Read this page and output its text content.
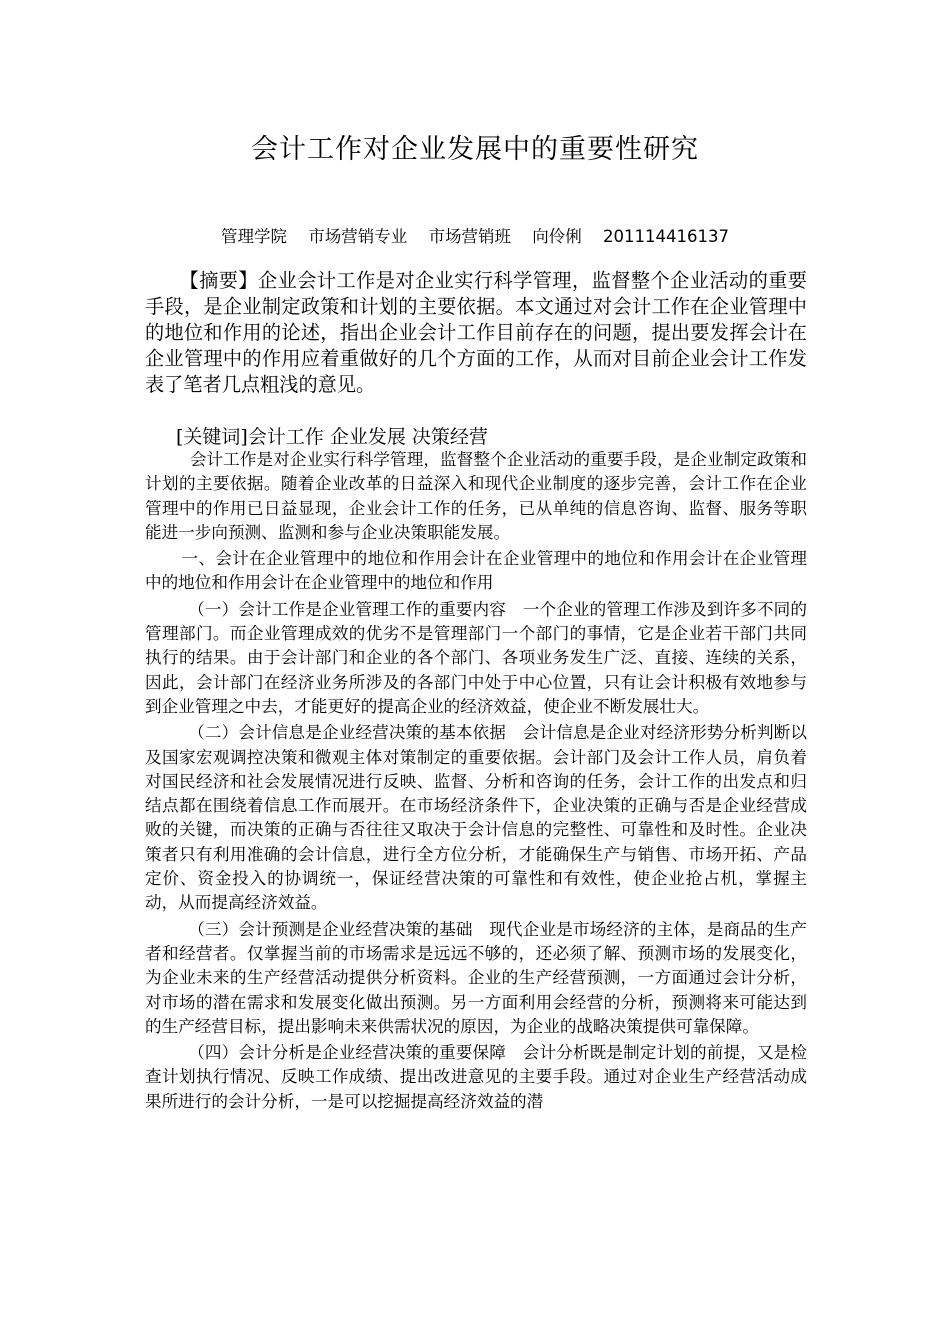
会计工作对企业发展中的重要性研究
管理学院 市场营销专业 市场营销班 向伶俐 201114416137

【摘要】企业会计工作是对企业实行科学管理，监督整个企业活动的重要手段，是企业制定政策和计划的主要依据。本文通过对会计工作在企业管理中的地位和作用的论述，指出企业会计工作目前存在的问题，提出要发挥会计在企业管理中的作用应着重做好的几个方面的工作，从而对目前企业会计工作发表了笔者几点粗浅的意见。

[关键词]会计工作 企业发展 决策经营

会计工作是对企业实行科学管理，监督整个企业活动的重要手段，是企业制定政策和计划的主要依据。随着企业改革的日益深入和现代企业制度的逐步完善，会计工作在企业管理中的作用已日益显现，企业会计工作的任务，已从单纯的信息咨询、监督、服务等职能进一步向预测、监测和参与企业决策职能发展。

一、会计在企业管理中的地位和作用会计在企业管理中的地位和作用会计在企业管理中的地位和作用会计在企业管理中的地位和作用

（一）会计工作是企业管理工作的重要内容　一个企业的管理工作涉及到许多不同的管理部门。而企业管理成效的优劣不是管理部门一个部门的事情，它是企业若干部门共同执行的结果。由于会计部门和企业的各个部门、各项业务发生广泛、直接、连续的关系，因此，会计部门在经济业务所涉及的各部门中处于中心位置，只有让会计积极有效地参与到企业管理之中去，才能更好的提高企业的经济效益，使企业不断发展壮大。

（二）会计信息是企业经营决策的基本依据　会计信息是企业对经济形势分析判断以及国家宏观调控决策和微观主体对策制定的重要依据。会计部门及会计工作人员，肩负着对国民经济和社会发展情况进行反映、监督、分析和咨询的任务，会计工作的出发点和归结点都在围绕着信息工作而展开。在市场经济条件下，企业决策的正确与否是企业经营成败的关键，而决策的正确与否往往又取决于会计信息的完整性、可靠性和及时性。企业决策者只有利用准确的会计信息，进行全方位分析，才能确保生产与销售、市场开拓、产品定价、资金投入的协调统一，保证经营决策的可靠性和有效性，使企业抢占机，掌握主动，从而提高经济效益。

（三）会计预测是企业经营决策的基础　现代企业是市场经济的主体，是商品的生产者和经营者。仅掌握当前的市场需求是远远不够的，还必须了解、预测市场的发展变化，为企业未来的生产经营活动提供分析资料。企业的生产经营预测，一方面通过会计分析，对市场的潜在需求和发展变化做出预测。另一方面利用会经营的分析，预测将来可能达到的生产经营目标，提出影响未来供需状况的原因，为企业的战略决策提供可靠保障。

（四）会计分析是企业经营决策的重要保障　会计分析既是制定计划的前提，又是检查计划执行情况、反映工作成绩、提出改进意见的主要手段。通过对企业生产经营活动成果所进行的会计分析，一是可以挖掘提高经济效益的潜
